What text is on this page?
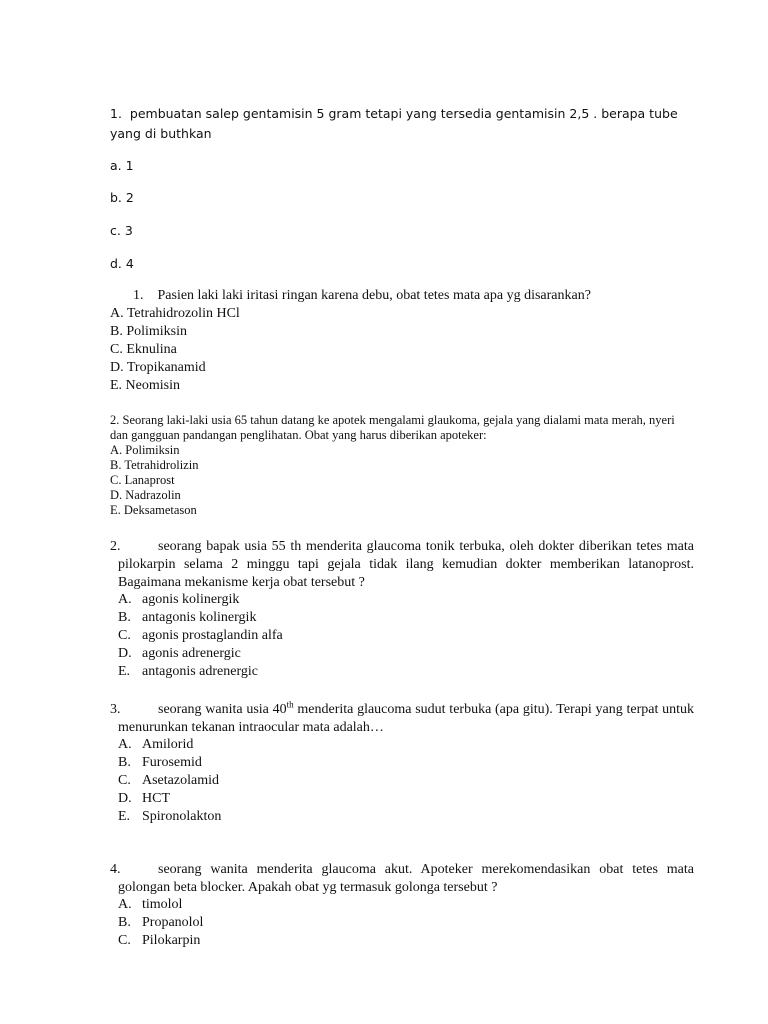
1. pembuatan salep gentamisin 5 gram tetapi yang tersedia gentamisin 2,5 . berapa tube yang di buthkan
a. 1
b. 2
c. 3
d. 4
1. Pasien laki laki iritasi ringan karena debu, obat tetes mata apa yg disarankan?
A. Tetrahidrozolin HCl
B. Polimiksin
C. Eknulina
D. Tropikanamid
E. Neomisin
2. Seorang laki-laki usia 65 tahun datang ke apotek mengalami glaukoma, gejala yang dialami mata merah, nyeri dan gangguan pandangan penglihatan. Obat yang harus diberikan apoteker:
A. Polimiksin
B. Tetrahidrolizin
C. Lanaprost
D. Nadrazolin
E. Deksametason
2.	seorang bapak usia 55 th menderita glaucoma tonik terbuka, oleh dokter diberikan tetes mata pilokarpin selama 2 minggu tapi gejala tidak ilang kemudian dokter memberikan latanoprost. Bagaimana mekanisme kerja obat tersebut ?
A. agonis kolinergik
B. antagonis kolinergik
C. agonis prostaglandin alfa
D. agonis adrenergic
E. antagonis adrenergic
3.	seorang wanita usia 40th menderita glaucoma sudut terbuka (apa gitu). Terapi yang terpat untuk menurunkan tekanan intraocular mata adalah…
A. Amilorid
B. Furosemid
C. Asetazolamid
D. HCT
E. Spironolakton
4.	seorang wanita menderita glaucoma akut. Apoteker merekomendasikan obat tetes mata golongan beta blocker. Apakah obat yg termasuk golonga tersebut ?
A. timolol
B. Propanolol
C. Pilokarpin
